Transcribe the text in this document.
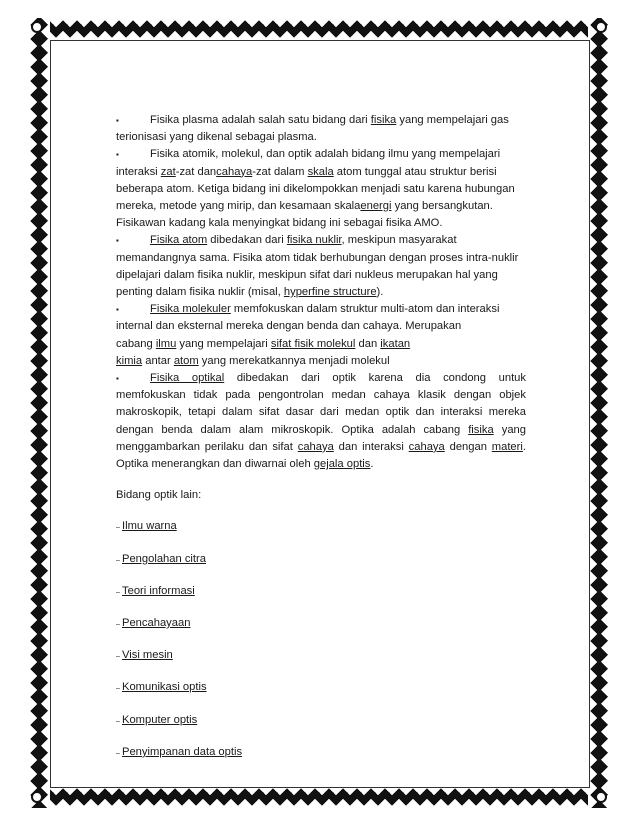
▪	Fisika plasma adalah salah satu bidang dari fisika yang mempelajari gas
terionisasi yang dikenal sebagai plasma.
▪	Fisika atomik, molekul, dan optik adalah bidang ilmu yang mempelajari
interaksi zat-zat dancahaya-zat dalam skala atom tunggal atau struktur berisi
beberapa atom. Ketiga bidang ini dikelompokkan menjadi satu karena hubungan
mereka, metode yang mirip, dan kesamaan skalaenergi yang bersangkutan.
Fisikawan kadang kala menyingkat bidang ini sebagai fisika AMO.
▪	Fisika atom dibedakan dari fisika nuklir, meskipun masyarakat
memandangnya sama. Fisika atom tidak berhubungan dengan proses intra-nuklir
dipelajari dalam fisika nuklir, meskipun sifat dari nukleus merupakan hal yang
penting dalam fisika nuklir (misal, hyperfine structure).
▪	Fisika molekuler memfokuskan dalam struktur multi-atom dan interaksi
internal dan eksternal mereka dengan benda dan cahaya. Merupakan
cabang ilmu yang mempelajari sifat fisik molekul dan ikatan
kimia antar atom yang merekatkannya menjadi molekul
▪	Fisika optikal dibedakan dari optik karena dia condong untuk
memfokuskan tidak pada pengontrolan medan cahaya klasik dengan objek
makroskopik, tetapi dalam sifat dasar dari medan optik dan interaksi mereka
dengan benda dalam alam mikroskopik. Optika adalah cabang fisika yang
menggambarkan perilaku dan sifat cahaya dan interaksi cahaya dengan materi.
Optika menerangkan dan diwarnai oleh gejala optis.
Bidang optik lain:
– Ilmu warna
– Pengolahan citra
– Teori informasi
– Pencahayaan
– Visi mesin
– Komunikasi optis
– Komputer optis
– Penyimpanan data optis
